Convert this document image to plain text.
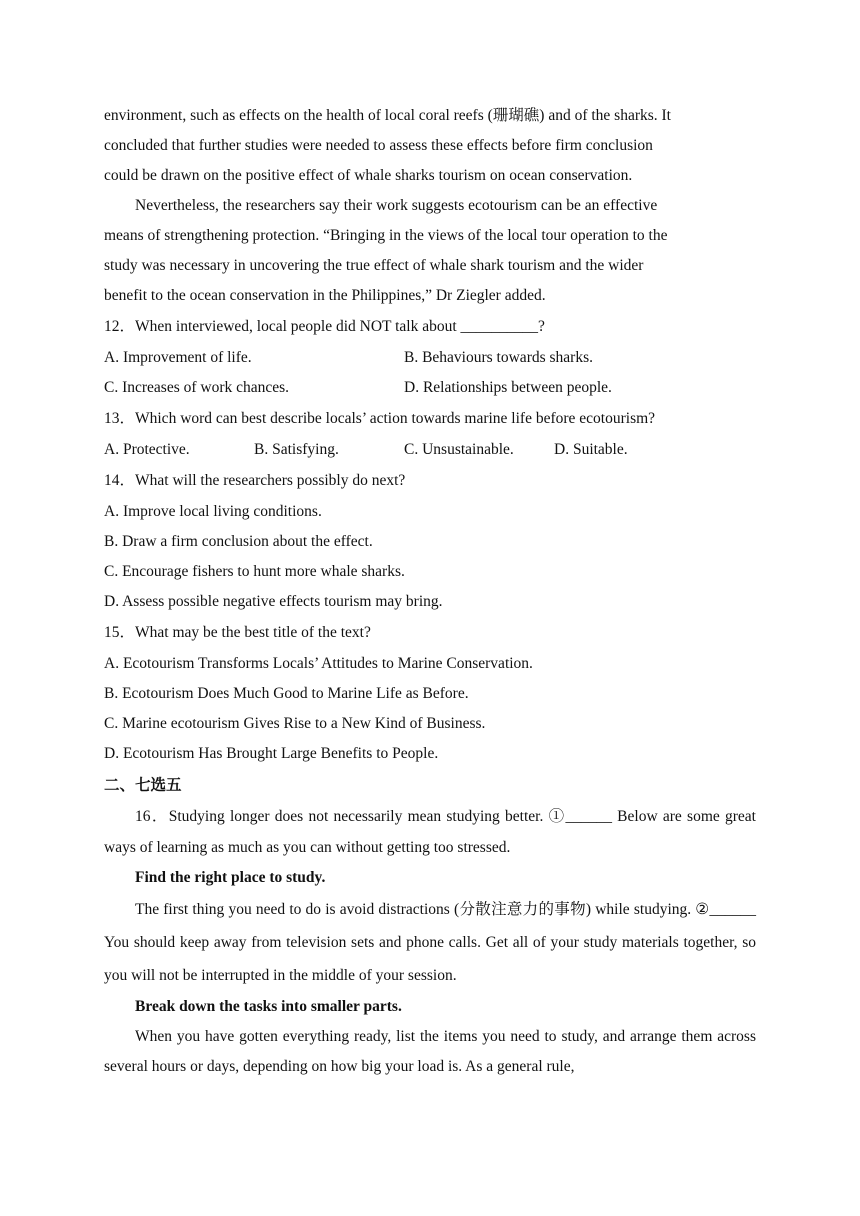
environment, such as effects on the health of local coral reefs (珊瑚礁) and of the sharks. It
concluded that further studies were needed to assess these effects before firm conclusion
could be drawn on the positive effect of whale sharks tourism on ocean conservation.
Nevertheless, the researchers say their work suggests ecotourism can be an effective
means of strengthening protection. “Bringing in the views of the local tour operation to the
study was necessary in uncovering the true effect of whale shark tourism and the wider
benefit to the ocean conservation in the Philippines,” Dr Ziegler added.
12．When interviewed, local people did NOT talk about __________?
A. Improvement of life.	B. Behaviours towards sharks.
C. Increases of work chances.	D. Relationships between people.
13．Which word can best describe locals’ action towards marine life before ecotourism?
A. Protective.	B. Satisfying.	C. Unsustainable.	D. Suitable.
14．What will the researchers possibly do next?
A. Improve local living conditions.
B. Draw a firm conclusion about the effect.
C. Encourage fishers to hunt more whale sharks.
D. Assess possible negative effects tourism may bring.
15．What may be the best title of the text?
A. Ecotourism Transforms Locals’ Attitudes to Marine Conservation.
B. Ecotourism Does Much Good to Marine Life as Before.
C. Marine ecotourism Gives Rise to a New Kind of Business.
D. Ecotourism Has Brought Large Benefits to People.
二、七选五
16．Studying longer does not necessarily mean studying better. ①______ Below are some great ways of learning as much as you can without getting too stressed.
Find the right place to study.
The first thing you need to do is avoid distractions (分散注意力的事物) while studying. ②______ You should keep away from television sets and phone calls. Get all of your study materials together, so you will not be interrupted in the middle of your session.
Break down the tasks into smaller parts.
When you have gotten everything ready, list the items you need to study, and arrange them across several hours or days, depending on how big your load is. As a general rule,
